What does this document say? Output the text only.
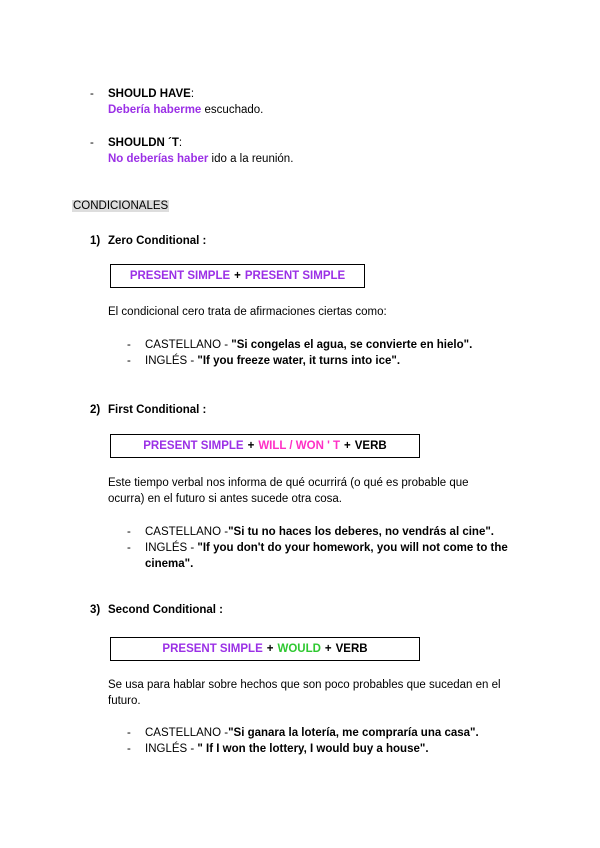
- SHOULD HAVE:
Debería haberme escuchado.
- SHOULDN ´T:
No deberías haber ido a la reunión.
CONDICIONALES
1) Zero Conditional :
PRESENT SIMPLE + PRESENT SIMPLE
El condicional cero trata de afirmaciones ciertas como:
- CASTELLANO - "Si congelas el agua, se convierte en hielo".
- INGLÉS - "If you freeze water, it turns into ice".
2) First Conditional :
PRESENT SIMPLE + WILL / WON ' T + VERB
Este tiempo verbal nos informa de qué ocurrirá (o qué es probable que
ocurra) en el futuro si antes sucede otra cosa.
- CASTELLANO -"Si tu no haces los deberes, no vendrás al cine".
- INGLÉS - "If you don't do your homework, you will not come to the
cinema".
3) Second Conditional :
PRESENT SIMPLE + WOULD + VERB
Se usa para hablar sobre hechos que son poco probables que sucedan en el
futuro.
- CASTELLANO -"Si ganara la lotería, me compraría una casa".
- INGLÉS - " If I won the lottery, I would buy a house".
